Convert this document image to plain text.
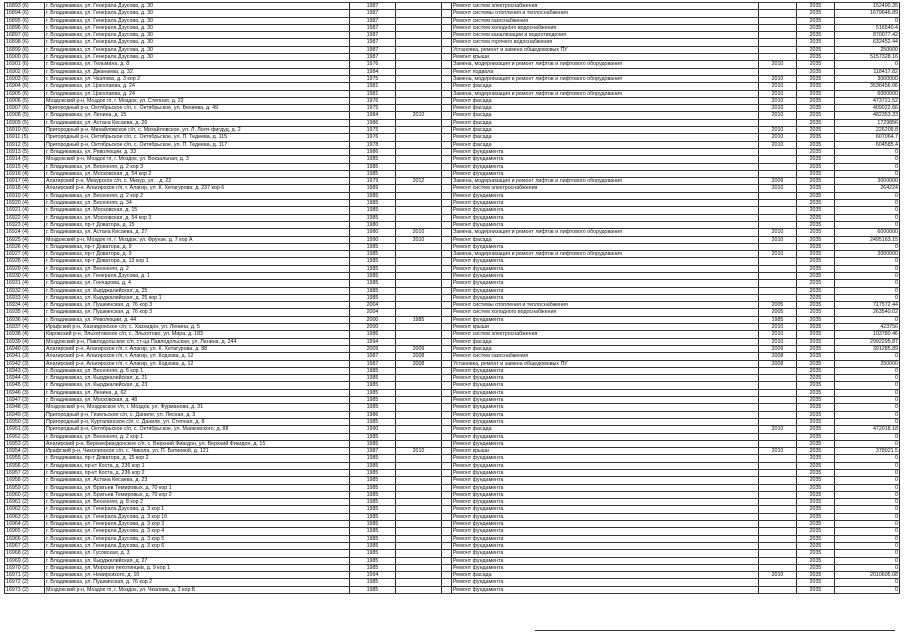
16893 (6)	г. Владикавказ, ул. Генерала Дзусова, д. 30	1987			Ремонт систем электроснабжения		2035	152400.35
16894 (6)	г. Владикавказ, ул. Генерала Дзусова, д. 30	1987			Ремонт системы отопления и теплоснабжения		2035	1679646.89
16895 (6)	г. Владикавказ, ул. Генерала Дзусова, д. 30	1987			Ремонт систем газоснабжения		2035	0
16896 (6)	г. Владикавказ, ул. Генерала Дзусова, д. 30	1987			Ремонт систем холодного водоснабжения		2035	516540.4
16897 (6)	г. Владикавказ, ул. Генерала Дзусова, д. 30	1987			Ремонт систем канализации и водоотведения		2035	870077.42
16898 (6)	г. Владикавказ, ул. Генерала Дзусова, д. 30	1987			Ремонт систем горячего водоснабжения		2035	632452.44
16899 (6)	г. Владикавказ, ул. Генерала Дзусова, д. 30	1987			Установка, ремонт и замена общедомовых ПУ		2035	250000
16900 (6)	г. Владикавказ, ул. Генерала Дзусова, д. 30	1987			Ремонт крыши		2035	5157328.16
16901 (6)	г. Владикавказ, ул. Тельмана, д. 8	1976			Замена, модернизация и ремонт лифтов и лифтового оборудования	2010	2035	0
16902 (6)	г. Владикавказ, ул. Джанаева, д. 32	1984			Ремонт подвала		2035	118417.82
16903 (6)	г. Владикавказ, ул. Чкалова, д. 3 кор 2	1975			Замена, модернизация и ремонт лифтов и лифтового оборудования	2010	2035	3000000
16904 (6)	г. Владикавказ, ул. Цоколаева, д. 24	1981			Ремонт фасада	2010	2035	3536456.06
16905 (6)	г. Владикавказ, ул. Цоколаева, д. 24	1981			Замена, модернизация и ремонт лифтов и лифтового оборудования	2010	2035	6000000
16906 (5)	Моздокский р-н, Моздок гп, г. Моздок, ул. Степная, д. 22	1976			Ремонт фасада	2010	2035	473721.52
16907 (6)	Пригородный р-н, Октябрьское с/п, с. Октябрьское, ул. Вехиева, д. 49	1975			Ремонт фасада	2010	2035	409022.66
16908 (5)	г. Владикавказ, ул. Ленина, д. 15	1984	2010		Ремонт фасада	2010	2035	482353.33
16909 (5)	г. Владикавказ, ул. Астана Кесаева, д. 26	1986			Ремонт фасада		2035	1729856
16910 (5)	Пригородный р-н, Михайловское с/п, с. Михайловское, ул. Л. Лолч-фигдуд, д. 2	1975			Ремонт фасада	2010	2035	226209.8
16911 (5)	Пригородный р-н, Октябрьское с/п, с. Октябрьское, ул. П. Тедеева, д. 115	1976			Ремонт фасада	2010	2035	607064.7
16912 (5)	Пригородный р-н, Октябрьское с/п, с. Октябрьское, ул. П. Тедеева, д. 117	1978			Ремонт фасада	2010	2035	604585.4
16913 (5)	г. Владикавказ, ул. Революции, д. 33	1986			Ремонт фундамента		2035	0
16914 (5)	Моздокский р-н, Моздок гп, г. Моздок, ул. Вокзальная, д. 3	1985			Ремонт фундамента		2035	0
16915 (4)	г. Владикавказ, ул. Весенняя, д. 2 кор 3	1985			Ремонт фундамента		2035	0
16916 (4)	г. Владикавказ, ул. Московская, д. 54 кор 2	1985			Ремонт фундамента		2035	0
16917 (4)	Алагирский р-н, Мизурское с/п, с. Мизур, ул. , д. 22	1979	2012		Замена, модернизация и ремонт лифтов и лифтового оборудования	2009	2035	3000000
16918 (4)	Алагирский р-н, Алагирское г/п, г. Алагир, ул. К. Хетагурова, д. 237 кор 6	1989			Ремонт систем электроснабжения	2010	2035	264224
16919 (4)	г. Владикавказ, ул. Весенняя, д. 2 кор 2	1985			Ремонт фундамента		2035	0
16920 (4)	г. Владикавказ, ул. Весенняя, д. 34	1985			Ремонт фундамента		2035	0
16921 (4)	г. Владикавказ, ул. Московская, д. 15	1985			Ремонт фундамента		2035	0
16922 (4)	г. Владикавказ, ул. Московская, д. 54 кор 3	1985			Ремонт фундамента		2035	0
16923 (4)	г. Владикавказ, пр-т Доватора, д. 15	1980			Ремонт фундамента		2035	0
16924 (4)	г. Владикавказ, ул. Астана Кесаева, д. 27	1980	2010		Замена, модернизация и ремонт лифтов и лифтового оборудования	2010	2035	6000000
16925 (4)	Моздокский р-н, Моздок гп, г. Моздок, ул. Фрунзе, д. 7 кор А	1990	2010		Ремонт фасада	2010	2035	2495163.15
16926 (4)	г. Владикавказ, пр-т Доватора, д. 9	1985			Ремонт фундамента		2035	0
16927 (4)	г. Владикавказ, пр-т Доватора, д. 9	1985			Замена, модернизация и ремонт лифтов и лифтового оборудования	2010	2035	3000000
16928 (4)	г. Владикавказ, пр-т Доватора, д. 13 кор 1	1985			Ремонт фундамента		2035	0
16929 (4)	г. Владикавказ, ул. Весенняя, д. 2	1985			Ремонт фундамента		2035	0
16930 (4)	г. Владикавказ, ул. Генерала Дзусова, д. 1	1985			Ремонт фундамента		2035	0
16931 (4)	г. Владикавказ, ул. Гончарова, д. 4	1985			Ремонт фундамента		2035	0
16932 (4)	г. Владикавказ, ул. Кырджалийская, д. 25	1985			Ремонт фундамента		2035	0
16933 (4)	г. Владикавказ, ул. Кырджалийская, д. 25 кор 1	1985			Ремонт фундамента		2035	0
16934 (4)	г. Владикавказ, ул. Пушкинская, д. 76 кор 3	2004			Ремонт системы отопления и теплоснабжения	2005	2035	717572.44
16935 (4)	г. Владикавказ, ул. Пушкинская, д. 76 кор 3	2004			Ремонт систем холодного водоснабжения	2005	2035	263540.02
16936 (4)	г. Владикавказ, ул. Революции, д. 44	2000	1985		Ремонт фундамента	1985	2035	0
16937 (4)	Ирафский р-н, Хазнидонское с/п, с. Хазнидон, ул. Ленина, д. 5	2000			Ремонт крыши	2010	2035	423756
16938 (4)	Кировский р-н, Эльхотовское с/п, с. Эльхотово, ул. Мира, д. 183	1986			Ремонт систем электроснабжения	2010	2035	103780.46
16939 (4)	Моздокский р-н, Павлодольское с/п, ст-ца Павлодольская, ул. Ленина, д. 244	1994			Ремонт фасада	2010	2035	2992295.87
16940 (3)	Алагирский р-н, Алагирское г/п, г. Алагир, ул. К. Хетагурова, д. 88	2009	2009		Ремонт фасада	2009	2035	391285.89
16941 (3)	Алагирский р-н, Алагирское г/п, г. Алагир, ул. Кодзова, д. 12	1987	2008		Ремонт систем газоснабжения	2008	2035	0
16942 (3)	Алагирский р-н, Алагирское г/п, г. Алагир, ул. Кодзова, д. 12	1987	2008		Установка, ремонт и замена общедомовых ПУ	2008	2035	250000
16943 (3)	г. Владикавказ, ул. Весенняя, д. 6 кор 1	1985			Ремонт фундамента		2035	0
16944 (3)	г. Владикавказ, ул. Кырджалийская, д. 21	1985			Ремонт фундамента		2035	0
16945 (3)	г. Владикавказ, ул. Кырджалийская, д. 23	1985			Ремонт фундамента		2035	0
16946 (3)	г. Владикавказ, ул. Ленина, д. 62	1985			Ремонт фундамента		2035	0
16947 (3)	г. Владикавказ, ул. Московская, д. 48	1985			Ремонт фундамента		2035	0
16948 (3)	Моздокский р-н, Моздокское г/п, г. Моздок, ул. Фурманова, д. 31	1985			Ремонт фундамента		2035	0
16949 (3)	Пригородный р-н, Гизельское с/п, с. Даниле, ул. Лесная, д. 3	1986			Ремонт фундамента		2035	0
16950 (3)	Пригородный р-н, Курталинское с/п, с. Даниле, ул. Степная, д. 8	1985			Ремонт фундамента		2035	0
16951 (3)	Пригородный р-н, Октябрьское с/п, с. Октябрьское, ул. Маяковского, д. 88	1990			Ремонт фасада	2010	2035	472018.18
16952 (2)	г. Владикавказ, ул. Весенняя, д. 2 кор 1	1985			Ремонт фундамента		2035	0
16953 (2)	Алагирский р-н, Верхнефиагдонское с/п, с. Верхний Фиагдон, ул. Верхний Фиагдон, д. 15	1985			Ремонт фундамента		2035	0
16954 (2)	Ирафский р-н, Чиколинское с/п, с. Чикола, ул. П. Батиевой, д. 121	1987	2010		Ремонт крыши	2010	2035	378021.5
16955 (2)	г. Владикавказ, пр-т Доватора, д. 15 кор 2	1985			Ремонт фундамента		2035	0
16956 (2)	г. Владикавказ, пр-кт Коста, д. 236 кор 1	1985			Ремонт фундамента		2035	0
16957 (2)	г. Владикавказ, пр-кт Коста, д. 236 кор 2	1985			Ремонт фундамента		2035	0
16958 (2)	г. Владикавказ, ул. Астана Кесаева, д. 23	1985			Ремонт фундамента		2035	0
16959 (2)	г. Владикавказ, ул. Братьев Темировых, д. 70 кор 1	1985			Ремонт фундамента		2035	0
16960 (2)	г. Владикавказ, ул. Братьев Темировых, д. 70 кор 2	1985			Ремонт фундамента		2035	0
16961 (2)	г. Владикавказ, ул. Весенняя, д. 8 кор 2	1985			Ремонт фундамента		2035	0
16962 (2)	г. Владикавказ, ул. Генерала Дзусова, д. 3 кор 1	1985			Ремонт фундамента		2035	0
16963 (2)	г. Владикавказ, ул. Генерала Дзусова, д. 3 кор 1б	1985			Ремонт фундамента		2035	0
16964 (2)	г. Владикавказ, ул. Генерала Дзусова, д. 3 кор 3	1985			Ремонт фундамента		2035	0
16965 (2)	г. Владикавказ, ул. Генерала Дзусова, д. 3 кор 4	1985			Ремонт фундамента		2035	0
16966 (2)	г. Владикавказ, ул. Генерала Дзусова, д. 3 кор 5	1985			Ремонт фундамента		2035	0
16967 (2)	г. Владикавказ, ул. Генерала Дзусова, д. 3 кор 6	1985			Ремонт фундамента		2035	0
16968 (2)	г. Владикавказ, ул. Гусовская, д. 3	1985			Ремонт фундамента		2035	0
16969 (2)	г. Владикавказ, ул. Кырджалийская, д. 27	1985			Ремонт фундамента		2035	0
16970 (2)	г. Владикавказ, ул. Морских пехотинцев, д. 9 кор 1	1985			Ремонт фундамента		2035	0
16971 (2)	г. Владикавказ, ул. Невирсикого, д. 10	1994			Ремонт фасада	2010	2035	2010605.08
16972 (2)	г. Владикавказ, ул. Пушкинская, д. 76 кор 2	1985			Ремонт фундамента		2035	0
16973 (2)	Моздокский р-н, Моздок гп, г. Моздок, ул. Чкалова, д. 2 кор Б	1985			Ремонт фундамента		2035	0
